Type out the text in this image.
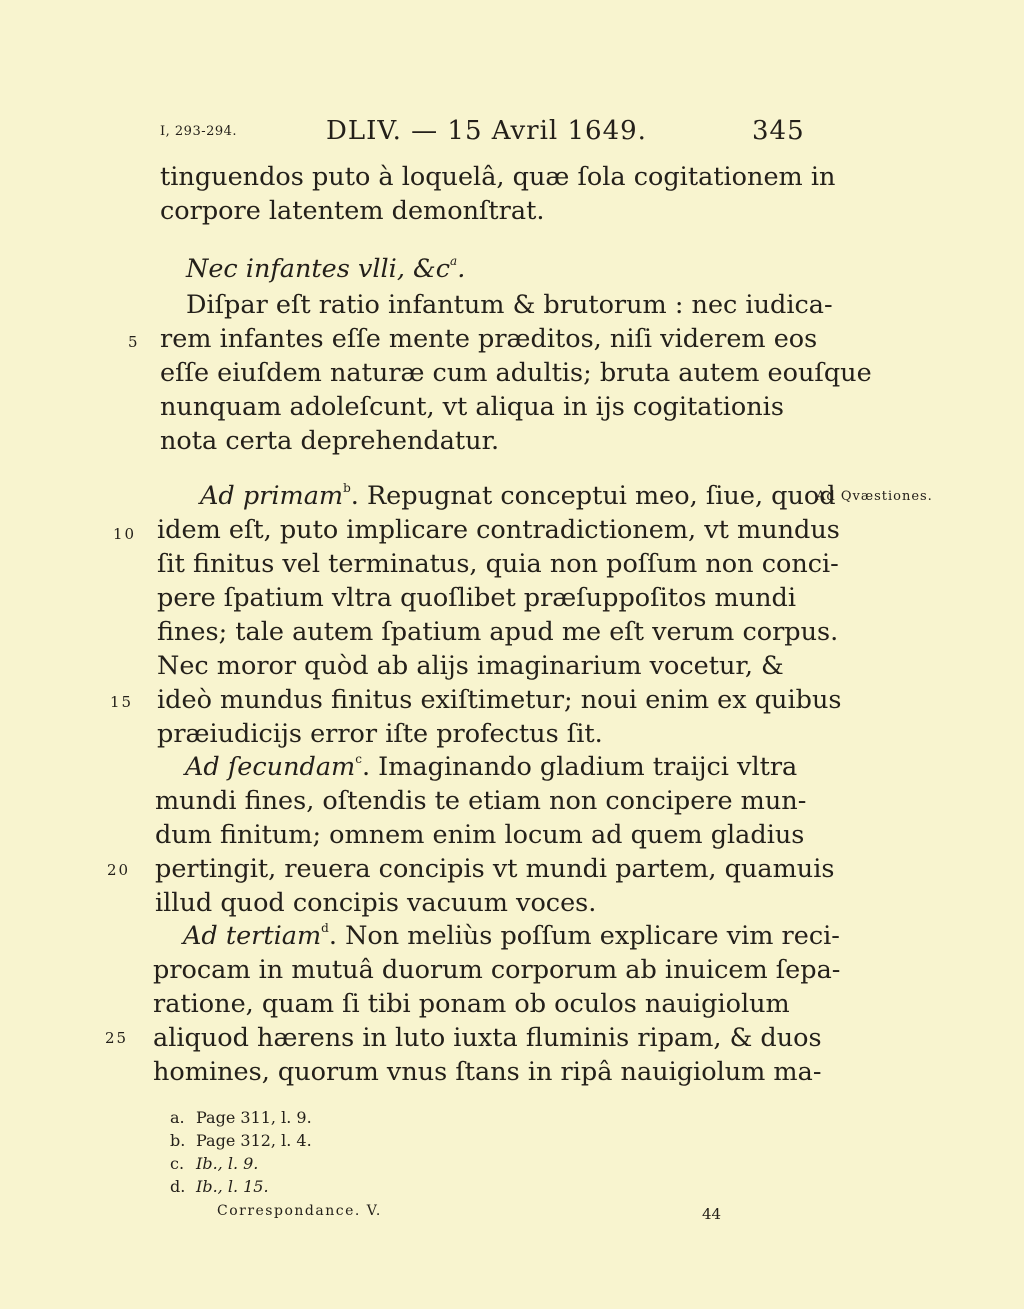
I, 293-294.	DLIV. — 15 Avril 1649.	345
tinguendos puto à loquelâ, quæ ſola cogitationem in
corpore latentem demonſtrat.
Nec infantes vlli, $\&c^a$.
Diſpar eſt ratio infantum & brutorum : nec iudica-
rem infantes eſſe mente præditos, niſi viderem eos
eſſe eiuſdem naturæ cum adultis; bruta autem eouſque
nunquam adoleſcunt, vt aliqua in ijs cogitationis
nota certa deprehendatur.
Ad primam$^b$. Repugnat conceptui meo, ſiue, quod
idem eſt, puto implicare contradictionem, vt mundus
ſit finitus vel terminatus, quia non poſſum non conci-
pere ſpatium vltra quoſlibet præſuppoſitos mundi
fines; tale autem ſpatium apud me eſt verum corpus.
Nec moror quòd ab alijs imaginarium vocetur, &
ideò mundus finitus exiſtimetur; noui enim ex quibus
præiudicijs error iſte profectus ſit.
Ad ſecundam$^c$. Imaginando gladium traijci vltra
mundi fines, oſtendis te etiam non concipere mun-
dum finitum; omnem enim locum ad quem gladius
pertingit, reuera concipis vt mundi partem, quamuis
illud quod concipis vacuum voces.
Ad tertiam$^d$. Non meliùs poſſum explicare vim reci-
procam in mutuâ duorum corporum ab inuicem ſepa-
ratione, quam ſi tibi ponam ob oculos nauigiolum
aliquod hærens in luto iuxta fluminis ripam, & duos
homines, quorum vnus ſtans in ripâ nauigiolum ma-
5
10
15
20
25
Ad Qvæstiones.
a. Page 311, l. 9.
b. Page 312, l. 4.
c. Ib., l. 9.
d. Ib., l. 15.
Correspondance. V.	44
